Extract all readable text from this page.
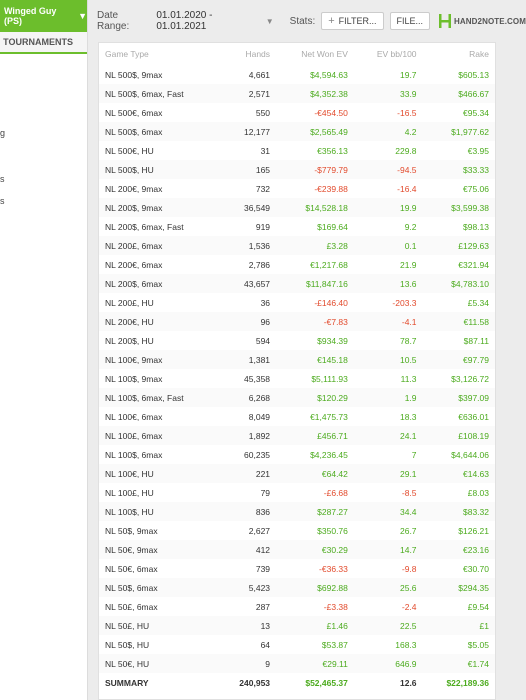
Winged Guy (PS)	▼
TOURNAMENTS
g
s
s
Date Range:
01.01.2020 - 01.01.2021	▼ Stats: + FILTER... FILE...	HAND2NOTE.COM
Game Type	Hands	Net Won EV	EV bb/100	Rake
NL 500$, 9max	4,661	$4,594.63	19.7	$605.13
NL 500$, 6max, Fast	2,571	$4,352.38	33.9	$466.67
NL 500€, 6max	550	-€454.50	-16.5	€95.34
NL 500$, 6max	12,177	$2,565.49	4.2	$1,977.62
NL 500€, HU	31	€356.13	229.8	€3.95
NL 500$, HU	165	-$779.79	-94.5	$33.33
NL 200€, 9max	732	-€239.88	-16.4	€75.06
NL 200$, 9max	36,549	$14,528.18	19.9	$3,599.38
NL 200$, 6max, Fast	919	$169.64	9.2	$98.13
NL 200£, 6max	1,536	£3.28	0.1	£129.63
NL 200€, 6max	2,786	€1,217.68	21.9	€321.94
NL 200$, 6max	43,657	$11,847.16	13.6	$4,783.10
NL 200£, HU	36	-£146.40	-203.3	£5.34
NL 200€, HU	96	-€7.83	-4.1	€11.58
NL 200$, HU	594	$934.39	78.7	$87.11
NL 100€, 9max	1,381	€145.18	10.5	€97.79
NL 100$, 9max	45,358	$5,111.93	11.3	$3,126.72
NL 100$, 6max, Fast	6,268	$120.29	1.9	$397.09
NL 100€, 6max	8,049	€1,475.73	18.3	€636.01
NL 100£, 6max	1,892	£456.71	24.1	£108.19
NL 100$, 6max	60,235	$4,236.45	7	$4,644.06
NL 100€, HU	221	€64.42	29.1	€14.63
NL 100£, HU	79	-£6.68	-8.5	£8.03
NL 100$, HU	836	$287.27	34.4	$83.32
NL 50$, 9max	2,627	$350.76	26.7	$126.21
NL 50€, 9max	412	€30.29	14.7	€23.16
NL 50€, 6max	739	-€36.33	-9.8	€30.70
NL 50$, 6max	5,423	$692.88	25.6	$294.35
NL 50£, 6max	287	-£3.38	-2.4	£9.54
NL 50£, HU	13	£1.46	22.5	£1
NL 50$, HU	64	$53.87	168.3	$5.05
NL 50€, HU	9	€29.11	646.9	€1.74
SUMMARY	240,953	$52,465.37	12.6	$22,189.36
